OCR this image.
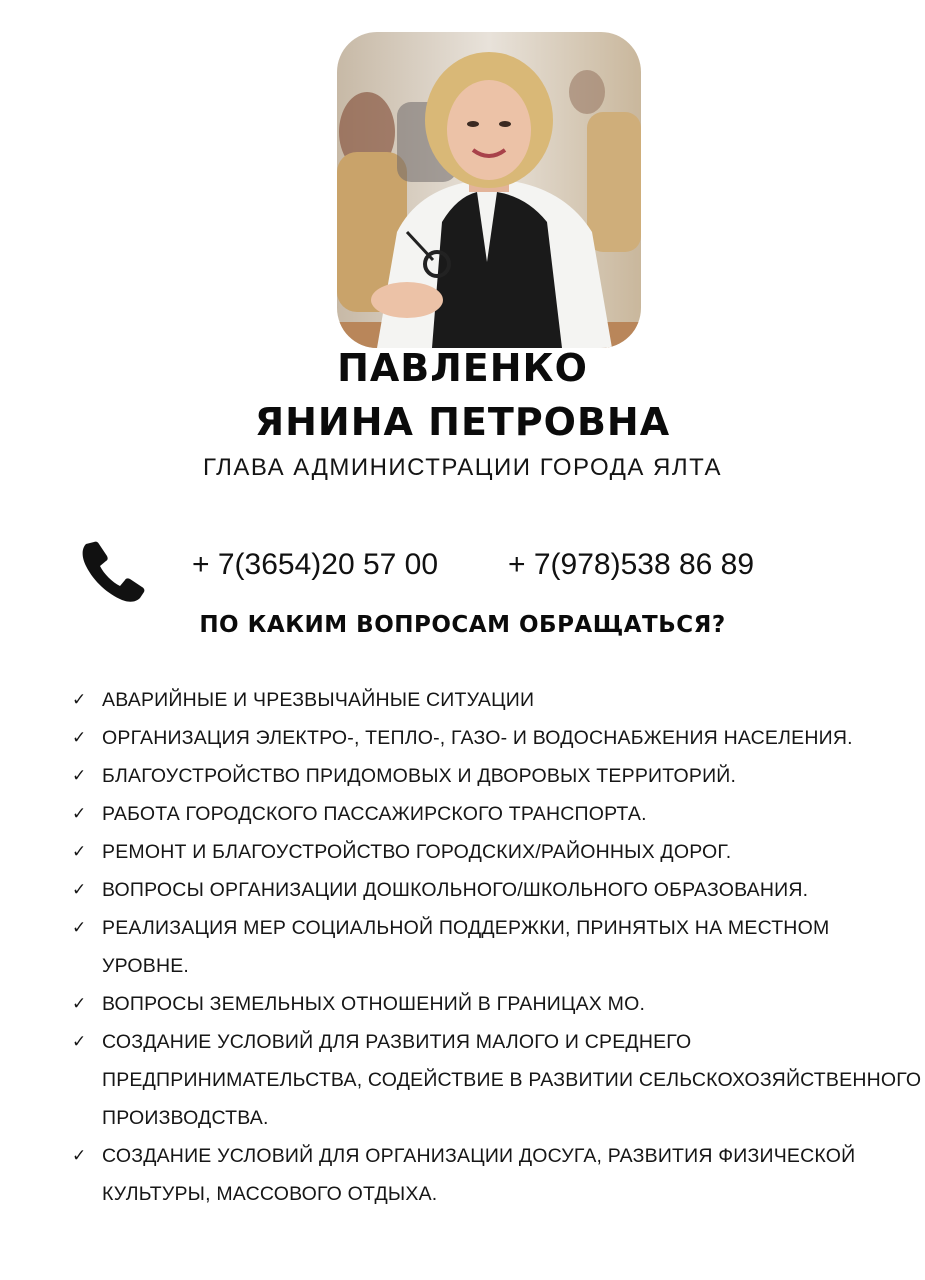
ПАВЛЕНКО
ЯНИНА ПЕТРОВНА
ГЛАВА АДМИНИСТРАЦИИ ГОРОДА ЯЛТА
+ 7(3654)20 57 00 + 7(978)538 86 89
ПО КАКИМ ВОПРОСАМ ОБРАЩАТЬСЯ?
✓ АВАРИЙНЫЕ И ЧРЕЗВЫЧАЙНЫЕ СИТУАЦИИ
✓ ОРГАНИЗАЦИЯ ЭЛЕКТРО-, ТЕПЛО-, ГАЗО- И ВОДОСНАБЖЕНИЯ НАСЕЛЕНИЯ.
✓ БЛАГОУСТРОЙСТВО ПРИДОМОВЫХ И ДВОРОВЫХ ТЕРРИТОРИЙ.
✓ РАБОТА ГОРОДСКОГО ПАССАЖИРСКОГО ТРАНСПОРТА.
✓ РЕМОНТ И БЛАГОУСТРОЙСТВО ГОРОДСКИХ/РАЙОННЫХ ДОРОГ.
✓ ВОПРОСЫ ОРГАНИЗАЦИИ ДОШКОЛЬНОГО/ШКОЛЬНОГО ОБРАЗОВАНИЯ.
✓ РЕАЛИЗАЦИЯ МЕР СОЦИАЛЬНОЙ ПОДДЕРЖКИ, ПРИНЯТЫХ НА МЕСТНОМ УРОВНЕ.
✓ ВОПРОСЫ ЗЕМЕЛЬНЫХ ОТНОШЕНИЙ В ГРАНИЦАХ МО.
✓ СОЗДАНИЕ УСЛОВИЙ ДЛЯ РАЗВИТИЯ МАЛОГО И СРЕДНЕГО ПРЕДПРИНИМАТЕЛЬСТВА, СОДЕЙСТВИЕ В РАЗВИТИИ СЕЛЬСКОХОЗЯЙСТВЕННОГО ПРОИЗВОДСТВА.
✓ СОЗДАНИЕ УСЛОВИЙ ДЛЯ ОРГАНИЗАЦИИ ДОСУГА, РАЗВИТИЯ ФИЗИЧЕСКОЙ КУЛЬТУРЫ, МАССОВОГО ОТДЫХА.
